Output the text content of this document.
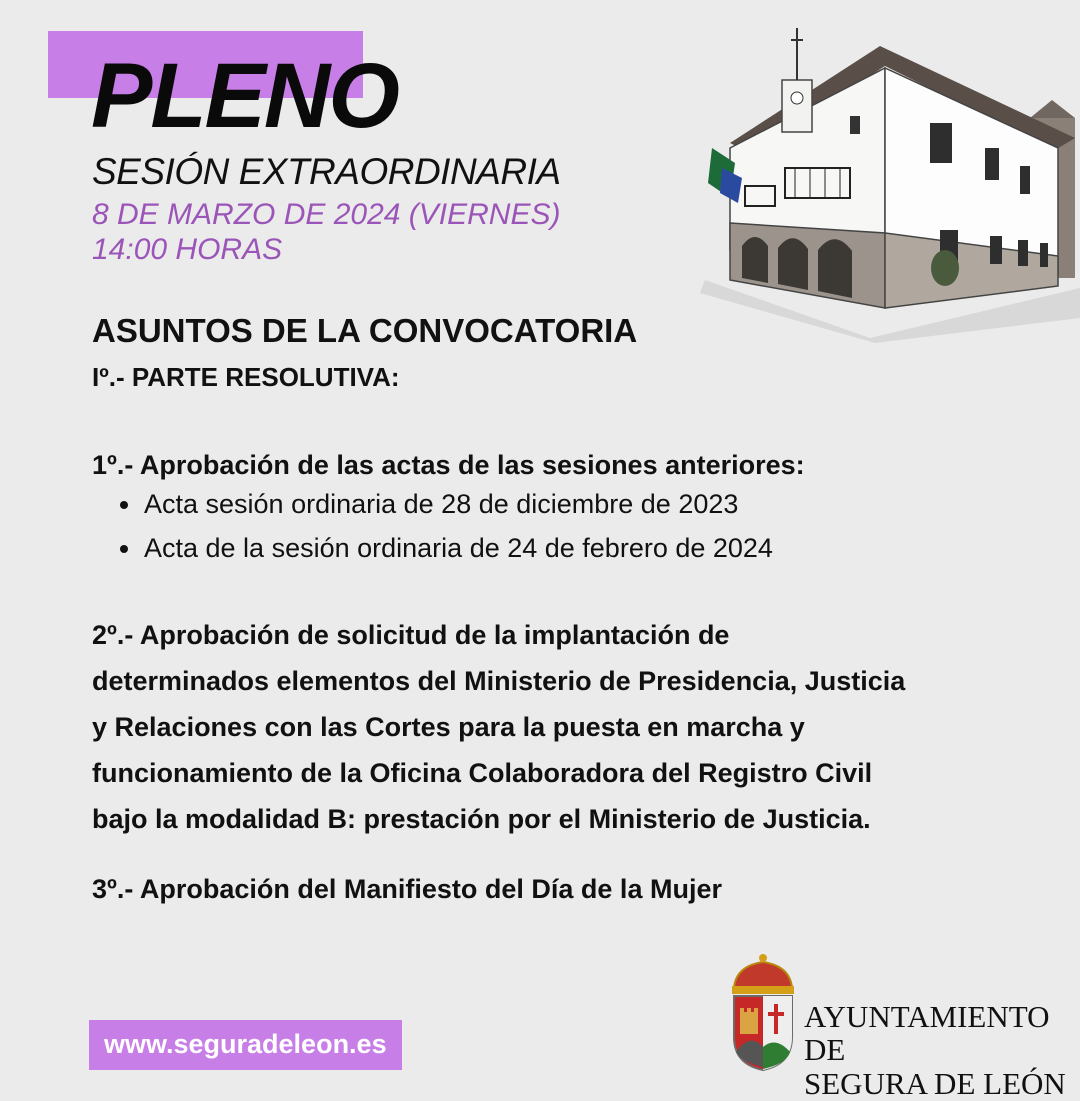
PLENO
SESIÓN EXTRAORDINARIA
8 DE MARZO DE 2024 (VIERNES)
14:00 HORAS
ASUNTOS DE LA CONVOCATORIA
Iº.- PARTE RESOLUTIVA:
1º.- Aprobación de las actas de las sesiones anteriores:
Acta sesión ordinaria de 28 de diciembre de 2023
Acta de la sesión ordinaria de 24 de febrero de 2024
2º.- Aprobación de solicitud de la implantación de
determinados elementos del Ministerio de Presidencia, Justicia
y Relaciones con las Cortes para la puesta en marcha y
funcionamiento de la Oficina Colaboradora del Registro Civil
bajo la modalidad B: prestación por el Ministerio de Justicia.
3º.- Aprobación del Manifiesto del Día de la Mujer
www.seguradeleon.es
AYUNTAMIENTO DE
SEGURA DE LEÓN
